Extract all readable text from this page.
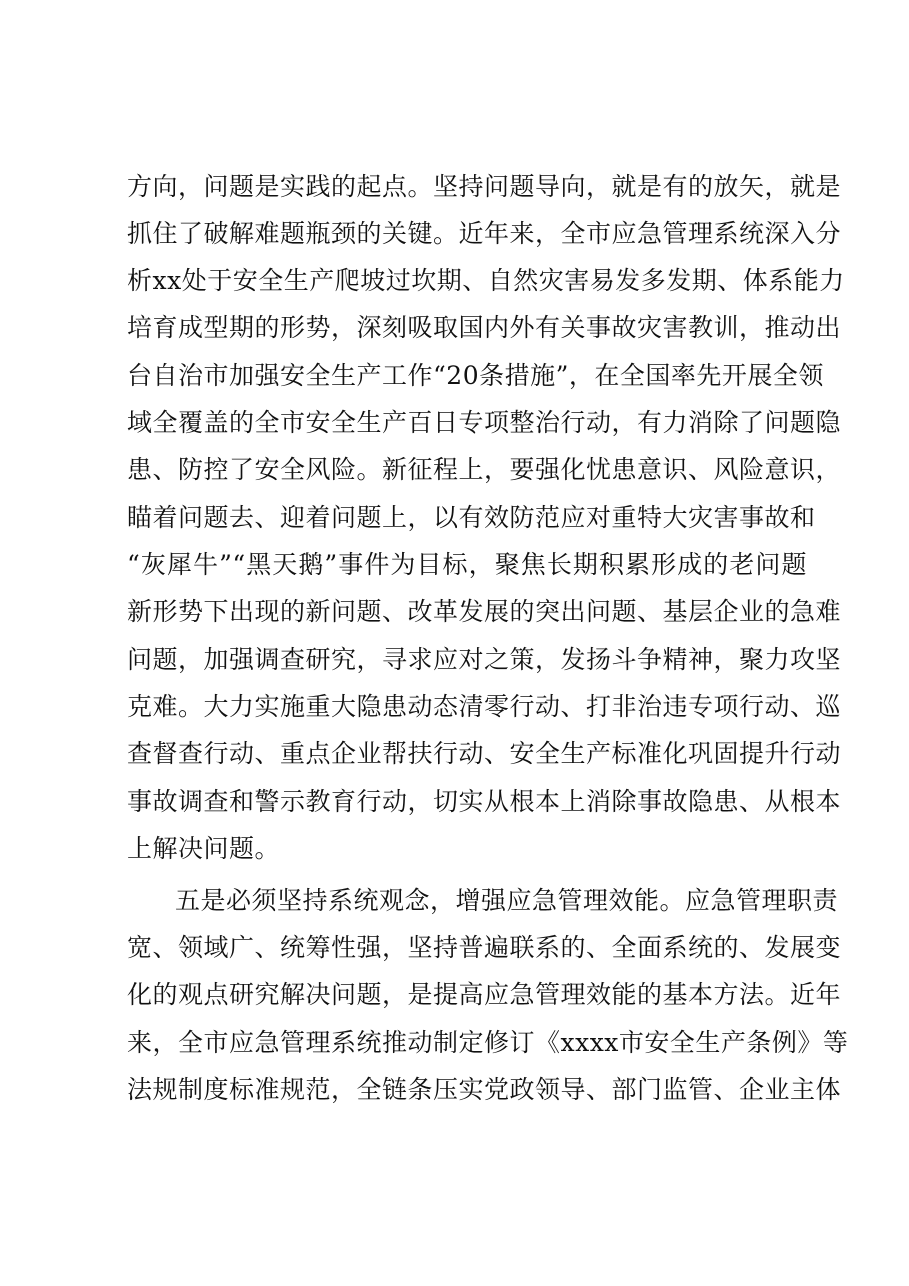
方向，问题是实践的起点。坚持问题导向，就是有的放矢，就是
抓住了破解难题瓶颈的关键。近年来，全市应急管理系统深入分
析xx处于安全生产爬坡过坎期、自然灾害易发多发期、体系能力
培育成型期的形势，深刻吸取国内外有关事故灾害教训，推动出
台自治市加强安全生产工作“20条措施”，在全国率先开展全领
域全覆盖的全市安全生产百日专项整治行动，有力消除了问题隐
患、防控了安全风险。新征程上，要强化忧患意识、风险意识，
瞄着问题去、迎着问题上，以有效防范应对重特大灾害事故和
“灰犀牛”“黑天鹅”事件为目标，聚焦长期积累形成的老问题
新形势下出现的新问题、改革发展的突出问题、基层企业的急难
问题，加强调查研究，寻求应对之策，发扬斗争精神，聚力攻坚
克难。大力实施重大隐患动态清零行动、打非治违专项行动、巡
查督查行动、重点企业帮扶行动、安全生产标准化巩固提升行动
事故调查和警示教育行动，切实从根本上消除事故隐患、从根本
上解决问题。
五是必须坚持系统观念，增强应急管理效能。应急管理职责
宽、领域广、统筹性强，坚持普遍联系的、全面系统的、发展变
化的观点研究解决问题，是提高应急管理效能的基本方法。近年
来，全市应急管理系统推动制定修订《xxxx市安全生产条例》等
法规制度标准规范，全链条压实党政领导、部门监管、企业主体
